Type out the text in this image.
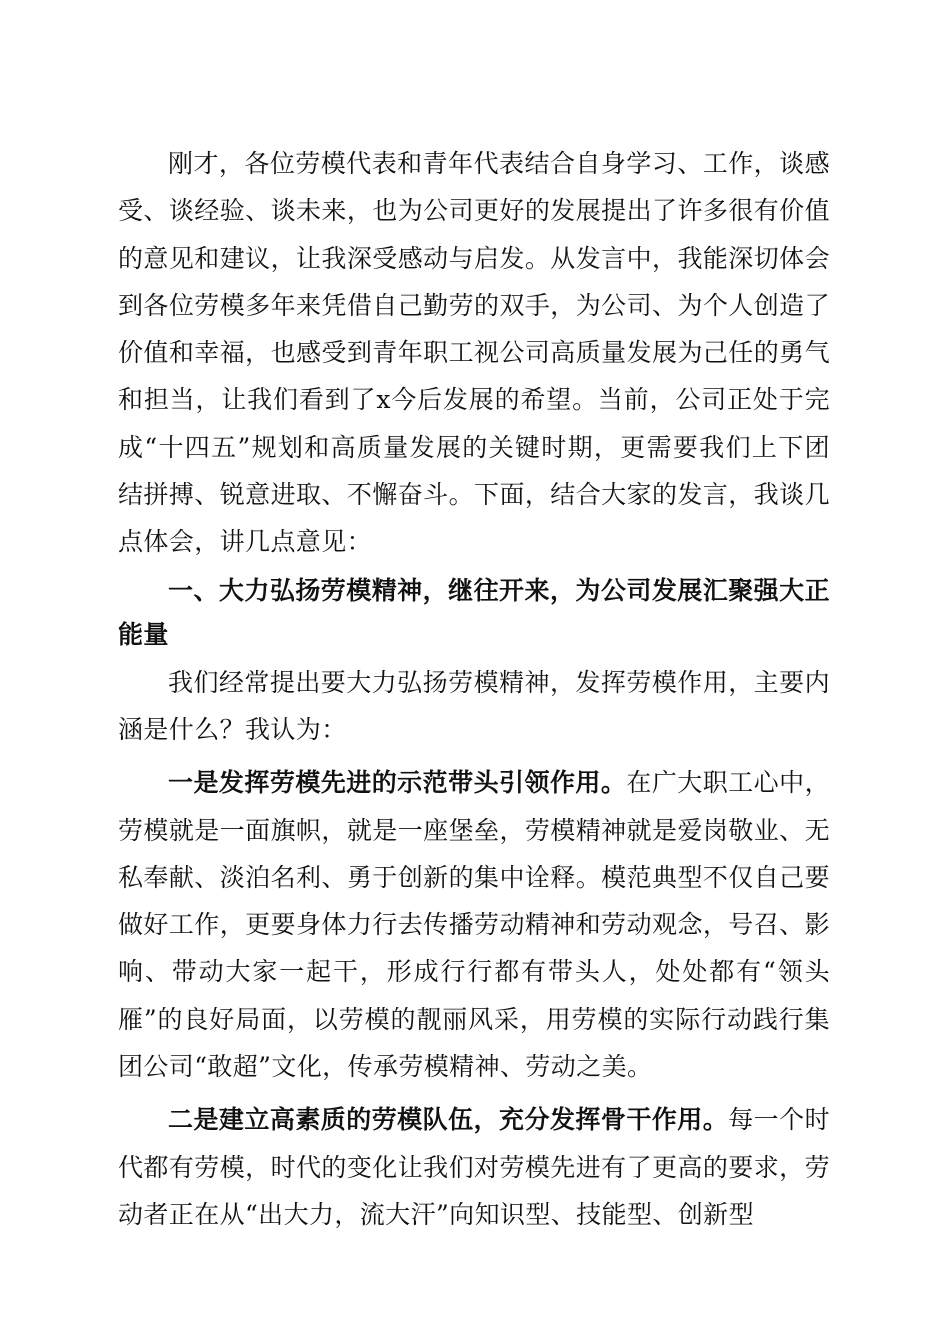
刚才，各位劳模代表和青年代表结合自身学习、工作，谈感受、谈经验、谈未来，也为公司更好的发展提出了许多很有价值的意见和建议，让我深受感动与启发。从发言中，我能深切体会到各位劳模多年来凭借自己勤劳的双手，为公司、为个人创造了价值和幸福，也感受到青年职工视公司高质量发展为己任的勇气和担当，让我们看到了x今后发展的希望。当前，公司正处于完成“十四五”规划和高质量发展的关键时期，更需要我们上下团结拼搏、锐意进取、不懈奋斗。下面，结合大家的发言，我谈几点体会，讲几点意见：

一、大力弘扬劳模精神，继往开来，为公司发展汇聚强大正能量

我们经常提出要大力弘扬劳模精神，发挥劳模作用，主要内涵是什么？我认为：

一是发挥劳模先进的示范带头引领作用。在广大职工心中，劳模就是一面旗帜，就是一座堡垒，劳模精神就是爱岗敬业、无私奉献、淡泊名利、勇于创新的集中诠释。模范典型不仅自己要做好工作，更要身体力行去传播劳动精神和劳动观念，号召、影响、带动大家一起干，形成行行都有带头人，处处都有“领头雁”的良好局面，以劳模的靓丽风采，用劳模的实际行动践行集团公司“敢超”文化，传承劳模精神、劳动之美。

二是建立高素质的劳模队伍，充分发挥骨干作用。每一个时代都有劳模，时代的变化让我们对劳模先进有了更高的要求，劳动者正在从“出大力，流大汗”向知识型、技能型、创新型
